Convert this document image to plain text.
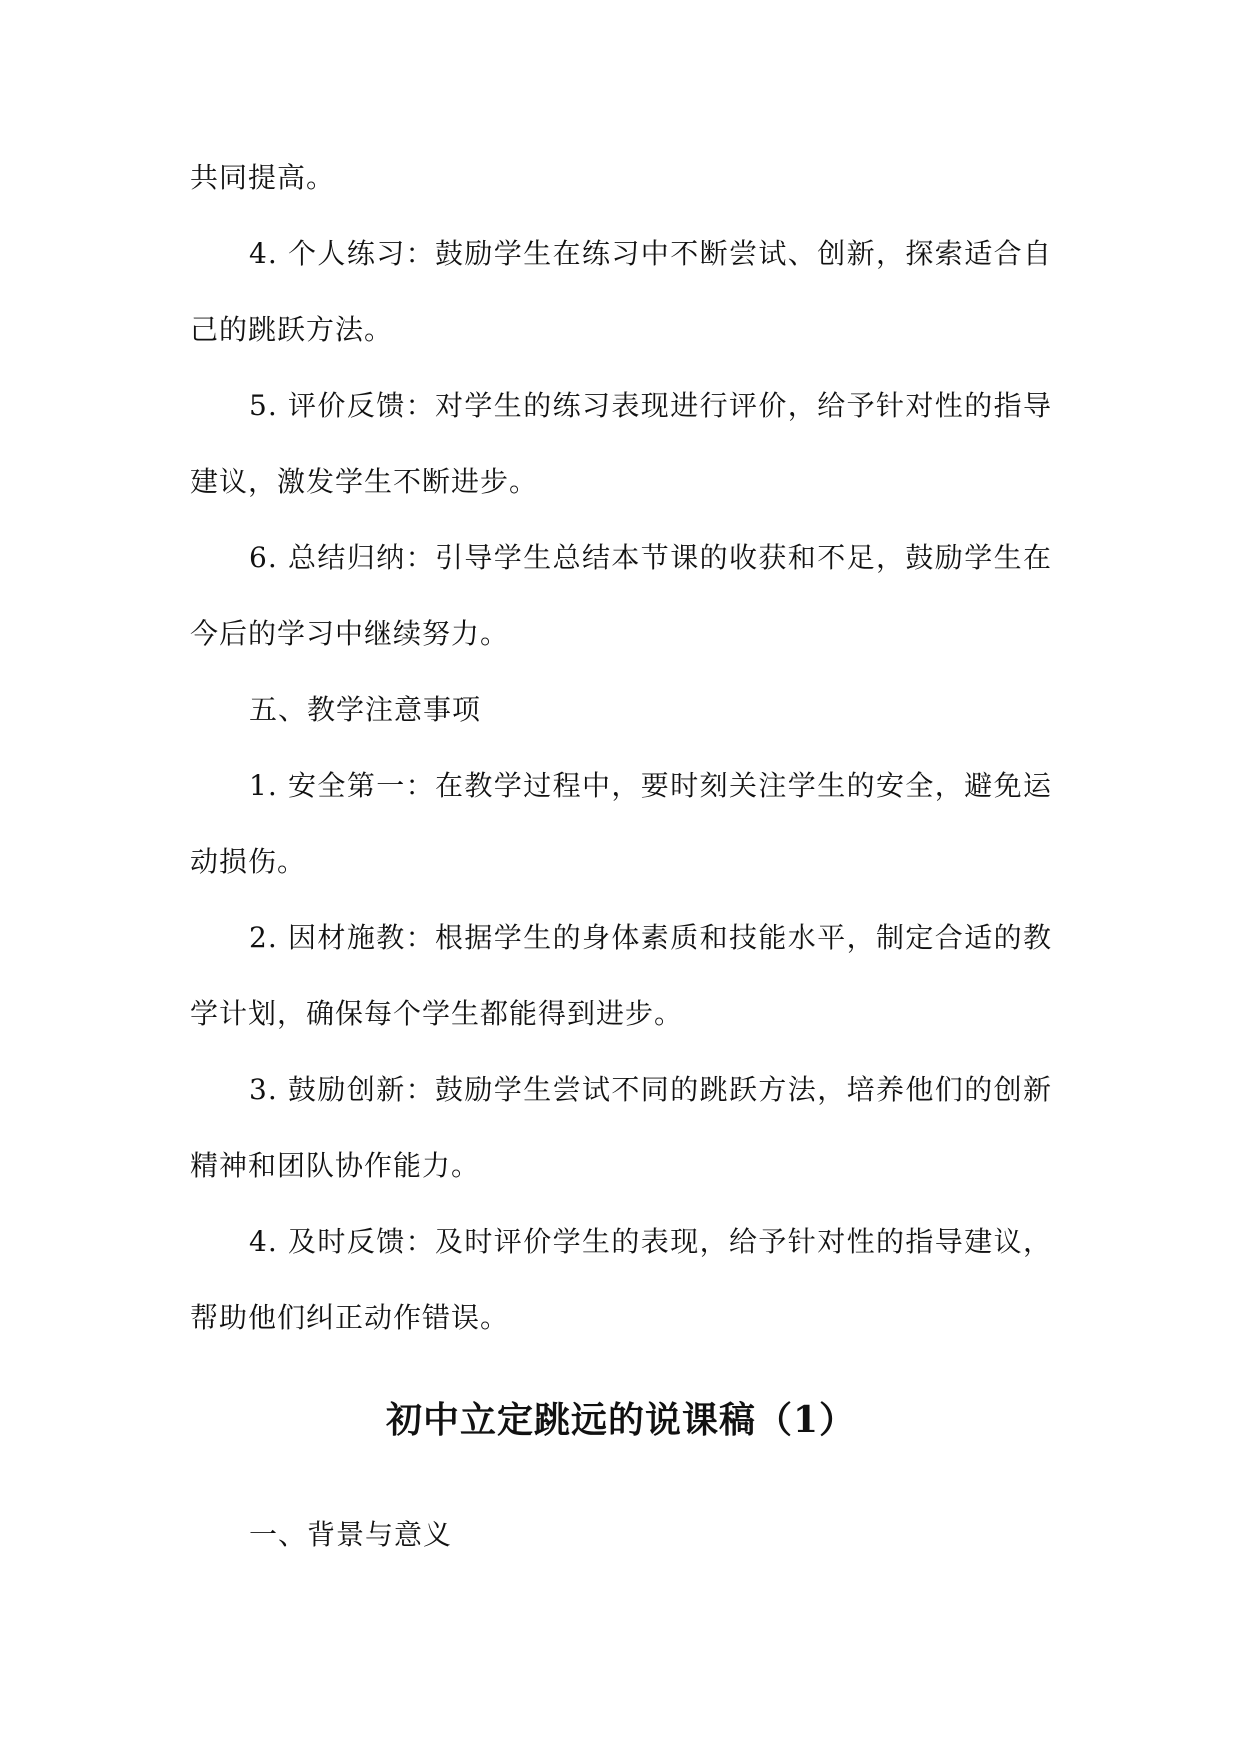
共同提高。

4. 个人练习：鼓励学生在练习中不断尝试、创新，探索适合自己的跳跃方法。

5. 评价反馈：对学生的练习表现进行评价，给予针对性的指导建议，激发学生不断进步。

6. 总结归纳：引导学生总结本节课的收获和不足，鼓励学生在今后的学习中继续努力。

五、教学注意事项

1. 安全第一：在教学过程中，要时刻关注学生的安全，避免运动损伤。

2. 因材施教：根据学生的身体素质和技能水平，制定合适的教学计划，确保每个学生都能得到进步。

3. 鼓励创新：鼓励学生尝试不同的跳跃方法，培养他们的创新精神和团队协作能力。

4. 及时反馈：及时评价学生的表现，给予针对性的指导建议，帮助他们纠正动作错误。

初中立定跳远的说课稿（1）

一、背景与意义
